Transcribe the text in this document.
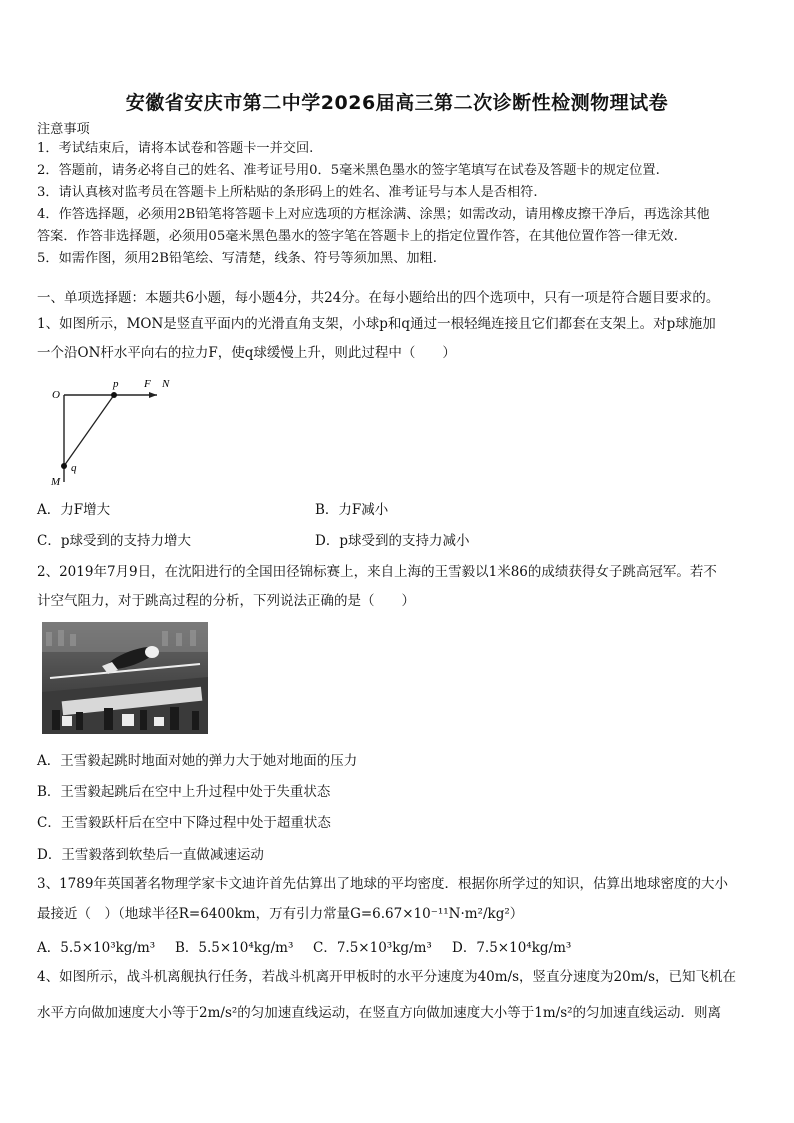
安徽省安庆市第二中学2026届高三第二次诊断性检测物理试卷
注意事项
1．考试结束后，请将本试卷和答题卡一并交回.
2．答题前，请务必将自己的姓名、准考证号用0．5毫米黑色墨水的签字笔填写在试卷及答题卡的规定位置.
3．请认真核对监考员在答题卡上所粘贴的条形码上的姓名、准考证号与本人是否相符.
4．作答选择题，必须用2B铅笔将答题卡上对应选项的方框涂满、涂黑；如需改动，请用橡皮擦干净后，再选涂其他
答案．作答非选择题，必须用05毫米黑色墨水的签字笔在答题卡上的指定位置作答，在其他位置作答一律无效.
5．如需作图，须用2B铅笔绘、写清楚，线条、符号等须加黑、加粗.
一、单项选择题：本题共6小题，每小题4分，共24分。在每小题给出的四个选项中，只有一项是符合题目要求的。
1、如图所示，MON是竖直平面内的光滑直角支架，小球p和q通过一根轻绳连接且它们都套在支架上。对p球施加
一个沿ON杆水平向右的拉力F，使q球缓慢上升，则此过程中（　　）
O
p F N
M
q
A．力F增大	B．力F减小
C．p球受到的支持力增大	D．p球受到的支持力减小
2、2019年7月9日，在沈阳进行的全国田径锦标赛上，来自上海的王雪毅以1米86的成绩获得女子跳高冠军。若不
计空气阻力，对于跳高过程的分析，下列说法正确的是（　　）
A．王雪毅起跳时地面对她的弹力大于她对地面的压力
B．王雪毅起跳后在空中上升过程中处于失重状态
C．王雪毅跃杆后在空中下降过程中处于超重状态
D．王雪毅落到软垫后一直做减速运动
3、1789年英国著名物理学家卡文迪许首先估算出了地球的平均密度．根据你所学过的知识，估算出地球密度的大小
最接近（　）（地球半径R=6400km，万有引力常量G=6.67×10⁻¹¹N·m²/kg²）
A．5.5×10³kg/m³ B．5.5×10⁴kg/m³ C．7.5×10³kg/m³ D．7.5×10⁴kg/m³
4、如图所示，战斗机离舰执行任务，若战斗机离开甲板时的水平分速度为40m/s，竖直分速度为20m/s，已知飞机在
水平方向做加速度大小等于2m/s²的匀加速直线运动，在竖直方向做加速度大小等于1m/s²的匀加速直线运动．则离
